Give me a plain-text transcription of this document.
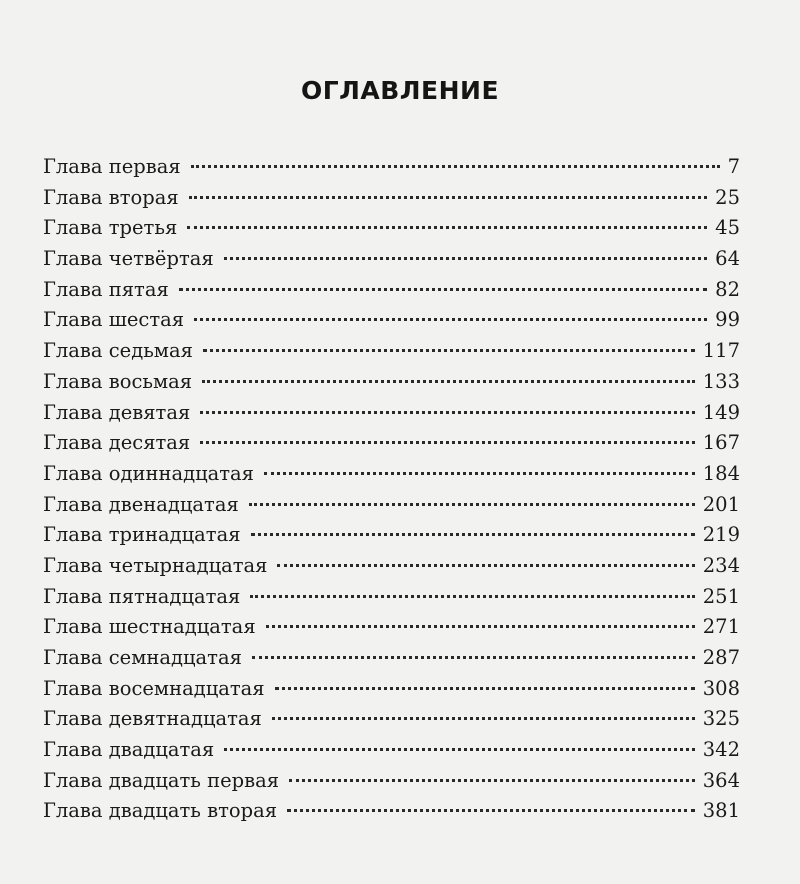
ОГЛАВЛЕНИЕ
Глава первая	7
Глава вторая	25
Глава третья	45
Глава четвёртая	64
Глава пятая	82
Глава шестая	99
Глава седьмая	117
Глава восьмая	133
Глава девятая	149
Глава десятая	167
Глава одиннадцатая	184
Глава двенадцатая	201
Глава тринадцатая	219
Глава четырнадцатая	234
Глава пятнадцатая	251
Глава шестнадцатая	271
Глава семнадцатая	287
Глава восемнадцатая	308
Глава девятнадцатая	325
Глава двадцатая	342
Глава двадцать первая	364
Глава двадцать вторая	381
